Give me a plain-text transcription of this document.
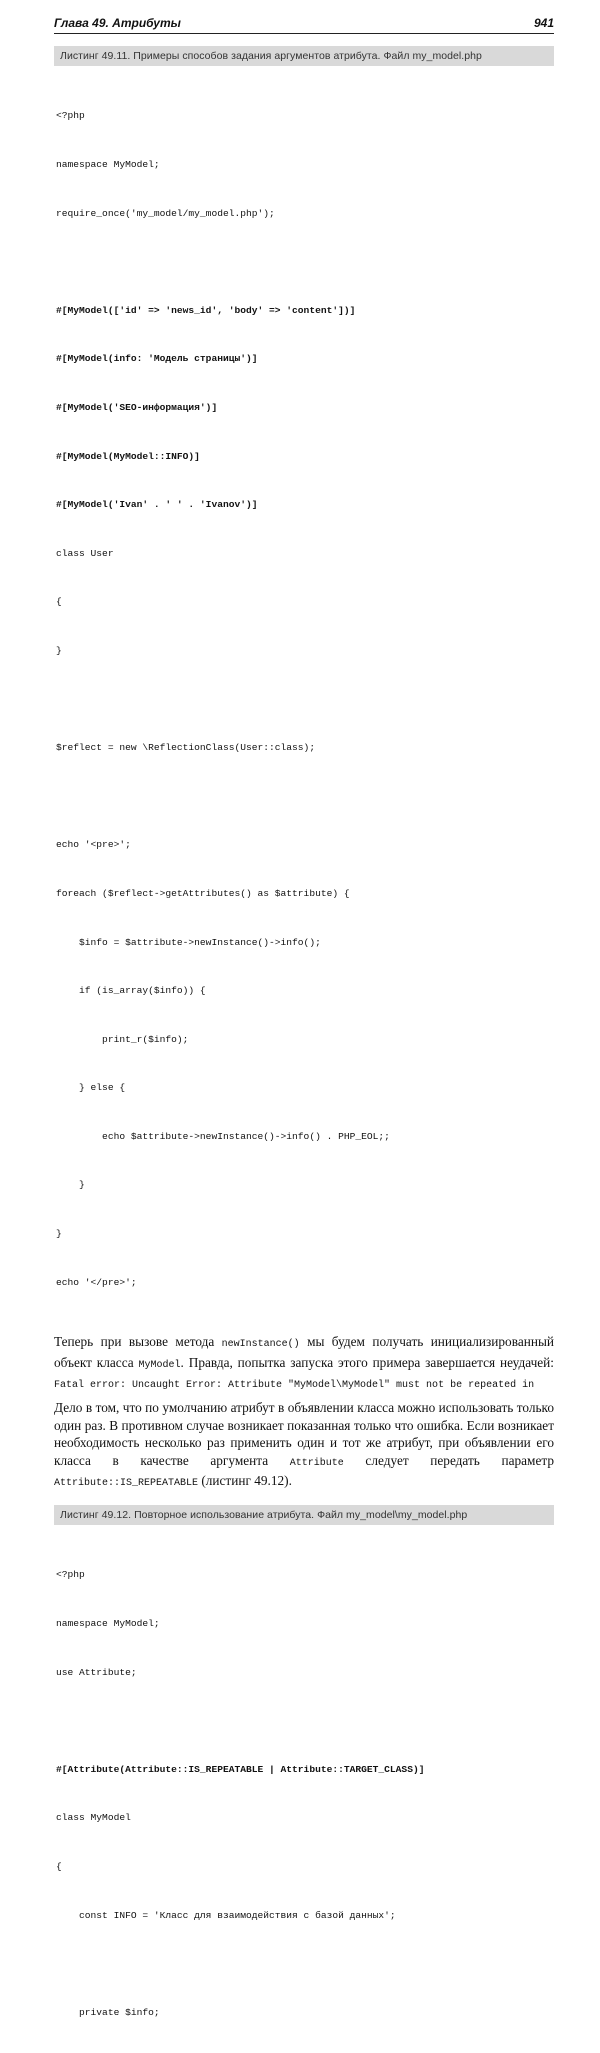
Глава 49. Атрибуты	941
Листинг 49.11. Примеры способов задания аргументов атрибута. Файл my_model.php

<?php

namespace MyModel;

require_once('my_model/my_model.php');

#[MyModel(['id' => 'news_id', 'body' => 'content'])]

#[MyModel(info: 'Модель страницы')]

#[MyModel('SEO-информация')]

#[MyModel(MyModel::INFO)]

#[MyModel('Ivan' . ' ' . 'Ivanov')]

class User

{

}

$reflect = new \ReflectionClass(User::class);

echo '<pre>';

foreach ($reflect->getAttributes() as $attribute) {

$info = $attribute->newInstance()->info();

if (is_array($info)) {

print_r($info);

} else {

echo $attribute->newInstance()->info() . PHP_EOL;;

}

}

echo '</pre>';

Теперь при вызове метода newInstance() мы будем получать инициализированный объект класса MyModel. Правда, попытка запуска этого примера завершается неудачей: Fatal error: Uncaught Error: Attribute "MyModel\MyModel" must not be repeated in

Дело в том, что по умолчанию атрибут в объявлении класса можно использовать только один раз. В противном случае возникает показанная только что ошибка. Если возникает необходимость несколько раз применить один и тот же атрибут, при объявлении его класса в качестве аргумента Attribute следует передать параметр Attribute::IS_REPEATABLE (листинг 49.12).

Листинг 49.12. Повторное использование атрибута. Файл my_model\my_model.php

<?php

namespace MyModel;

use Attribute;

#[Attribute(Attribute::IS_REPEATABLE | Attribute::TARGET_CLASS)]

class MyModel

{

const INFO = 'Класс для взаимодействия с базой данных';

private $info;
